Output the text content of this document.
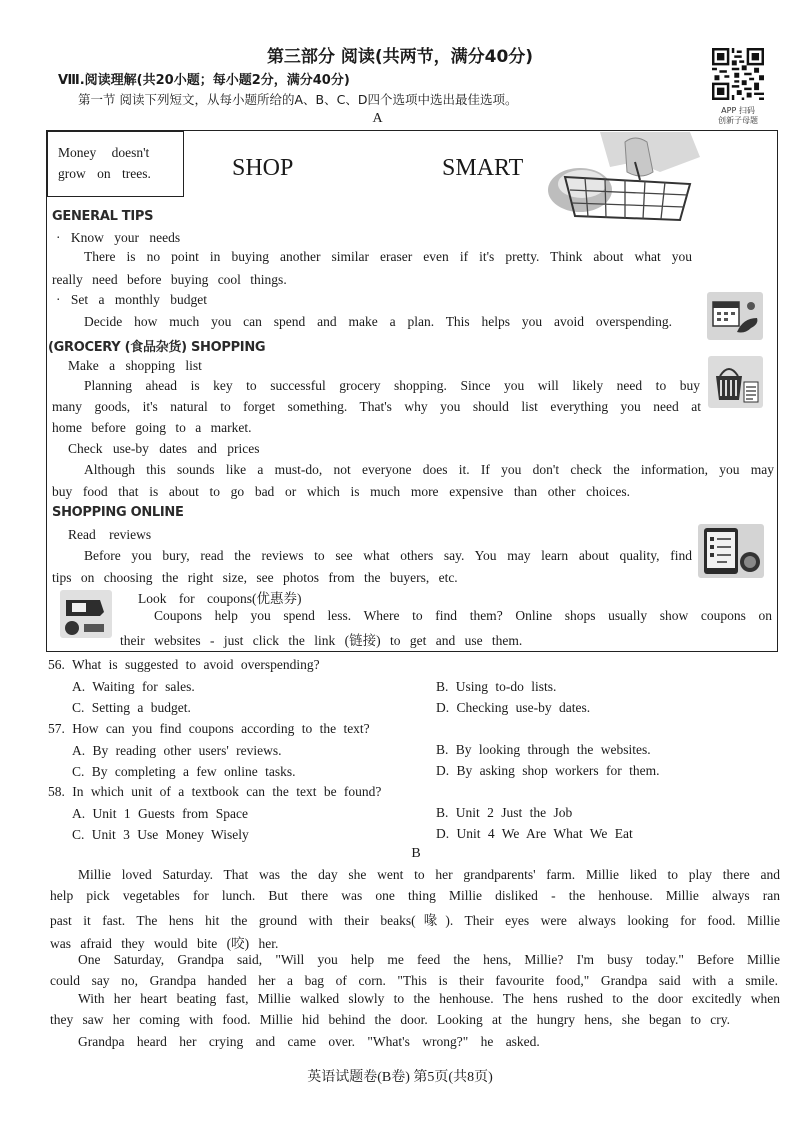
第三部分 阅读(共两节，满分40分)
Ⅷ.阅读理解(共20小题；每小题2分，满分40分)
第一节 阅读下列短文，从每小题所给的A、B、C、D四个选项中选出最佳选项。
A
APP 扫码
创新子母题
Money doesn't
grow on trees.	SHOP	SMART
GENERAL TIPS
· Know your needs
There is no point in buying another similar eraser even if it's pretty. Think about what you
really need before buying cool things.
· Set a monthly budget
Decide how much you can spend and make a plan. This helps you avoid overspending.
(GROCERY (食品杂货) SHOPPING
Make a shopping list
Planning ahead is key to successful grocery shopping. Since you will likely need to buy
many goods, it's natural to forget something. That's why you should list everything you need at
home before going to a market.
Check use-by dates and prices
Although this sounds like a must-do, not everyone does it. If you don't check the information, you may
buy food that is about to go bad or which is much more expensive than other choices.
SHOPPING ONLINE
Read reviews
Before you bury, read the reviews to see what others say. You may learn about quality, find
tips on choosing the right size, see photos from the buyers, etc.
Look for coupons(优惠券)
Coupons help you spend less. Where to find them? Online shops usually show coupons on
their websites - just click the link (链接) to get and use them.
56. What is suggested to avoid overspending?
A. Waiting for sales.	B. Using to-do lists.
C. Setting a budget.	D. Checking use-by dates.
57. How can you find coupons according to the text?
A. By reading other users' reviews.	B. By looking through the websites.
C. By completing a few online tasks.	D. By asking shop workers for them.
58. In which unit of a textbook can the text be found?
A. Unit 1 Guests from Space	B. Unit 2 Just the Job
C. Unit 3 Use Money Wisely	D. Unit 4 We Are What We Eat
B
Millie loved Saturday. That was the day she went to her grandparents' farm. Millie liked to play there and
help pick vegetables for lunch. But there was one thing Millie disliked - the henhouse. Millie always ran
past it fast. The hens hit the ground with their beaks(喙). Their eyes were always looking for food. Millie
was afraid they would bite (咬) her.
One Saturday, Grandpa said, "Will you help me feed the hens, Millie? I'm busy today." Before Millie
could say no, Grandpa handed her a bag of corn. "This is their favourite food," Grandpa said with a smile.
With her heart beating fast, Millie walked slowly to the henhouse. The hens rushed to the door excitedly when
they saw her coming with food. Millie hid behind the door. Looking at the hungry hens, she began to cry.
Grandpa heard her crying and came over. "What's wrong?" he asked.
英语试题卷(B卷) 第5页(共8页)
